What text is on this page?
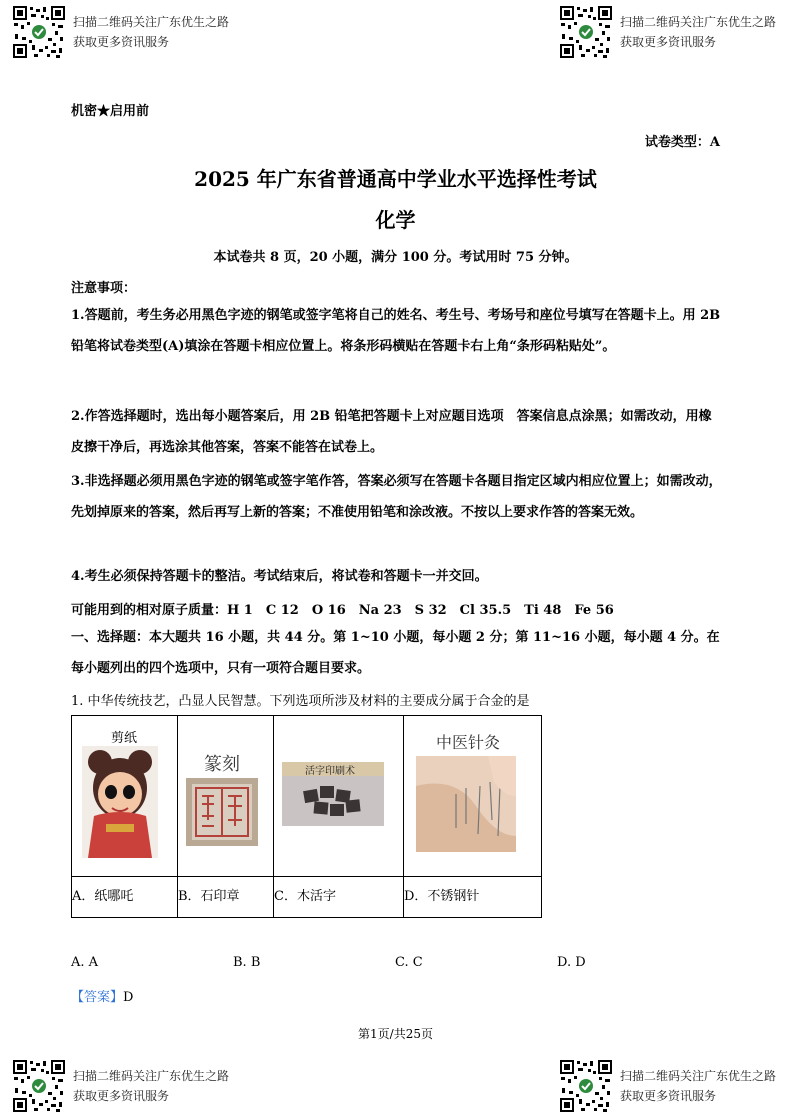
扫描二维码关注广东优生之路
获取更多资讯服务
扫描二维码关注广东优生之路
获取更多资讯服务
机密★启用前
试卷类型：A
2025 年广东省普通高中学业水平选择性考试
化学
本试卷共 8 页，20 小题，满分 100 分。考试用时 75 分钟。
注意事项：
1.答题前，考生务必用黑色字迹的钢笔或签字笔将自己的姓名、考生号、考场号和座位号填写在答题卡上。用 2B 铅笔将试卷类型(A)填涂在答题卡相应位置上。将条形码横贴在答题卡右上角“条形码粘贴处”。
2.作答选择题时，选出每小题答案后，用 2B 铅笔把答题卡上对应题目选项　答案信息点涂黑；如需改动，用橡皮擦干净后，再选涂其他答案，答案不能答在试卷上。
3.非选择题必须用黑色字迹的钢笔或签字笔作答，答案必须写在答题卡各题目指定区域内相应位置上；如需改动，先划掉原来的答案，然后再写上新的答案；不准使用铅笔和涂改液。不按以上要求作答的答案无效。
4.考生必须保持答题卡的整洁。考试结束后，将试卷和答题卡一并交回。
可能用到的相对原子质量：H 1　C 12　O 16　Na 23　S 32　Cl 35.5　Ti 48　Fe 56
一、选择题：本大题共 16 小题，共 44 分。第 1~10 小题，每小题 2 分；第 11~16 小题，每小题 4 分。在每小题列出的四个选项中，只有一项符合题目要求。
1. 中华传统技艺，凸显人民智慧。下列选项所涉及材料的主要成分属于合金的是
剪纸	篆刻	活字印刷术	中医针灸

A．纸哪吒	B．石印章	C．木活字	D．不锈钢针
A. A	B. B	C. C	D. D
【答案】D
第1页/共25页
扫描二维码关注广东优生之路
获取更多资讯服务
扫描二维码关注广东优生之路
获取更多资讯服务
